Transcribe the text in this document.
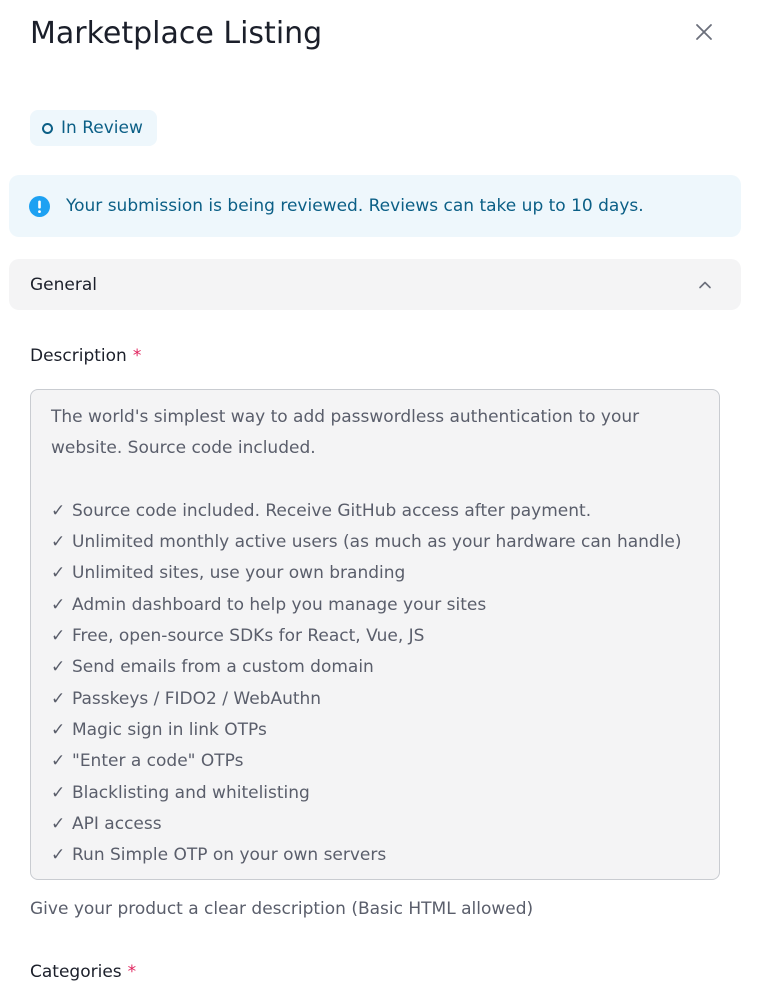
Marketplace Listing
In Review
Your submission is being reviewed. Reviews can take up to 10 days.
General
Description *
The world's simplest way to add passwordless authentication to your
website. Source code included.
✓ Source code included. Receive GitHub access after payment.
✓ Unlimited monthly active users (as much as your hardware can handle)
✓ Unlimited sites, use your own branding
✓ Admin dashboard to help you manage your sites
✓ Free, open-source SDKs for React, Vue, JS
✓ Send emails from a custom domain
✓ Passkeys / FIDO2 / WebAuthn
✓ Magic sign in link OTPs
✓ "Enter a code" OTPs
✓ Blacklisting and whitelisting
✓ API access
✓ Run Simple OTP on your own servers
Give your product a clear description (Basic HTML allowed)
Categories *
